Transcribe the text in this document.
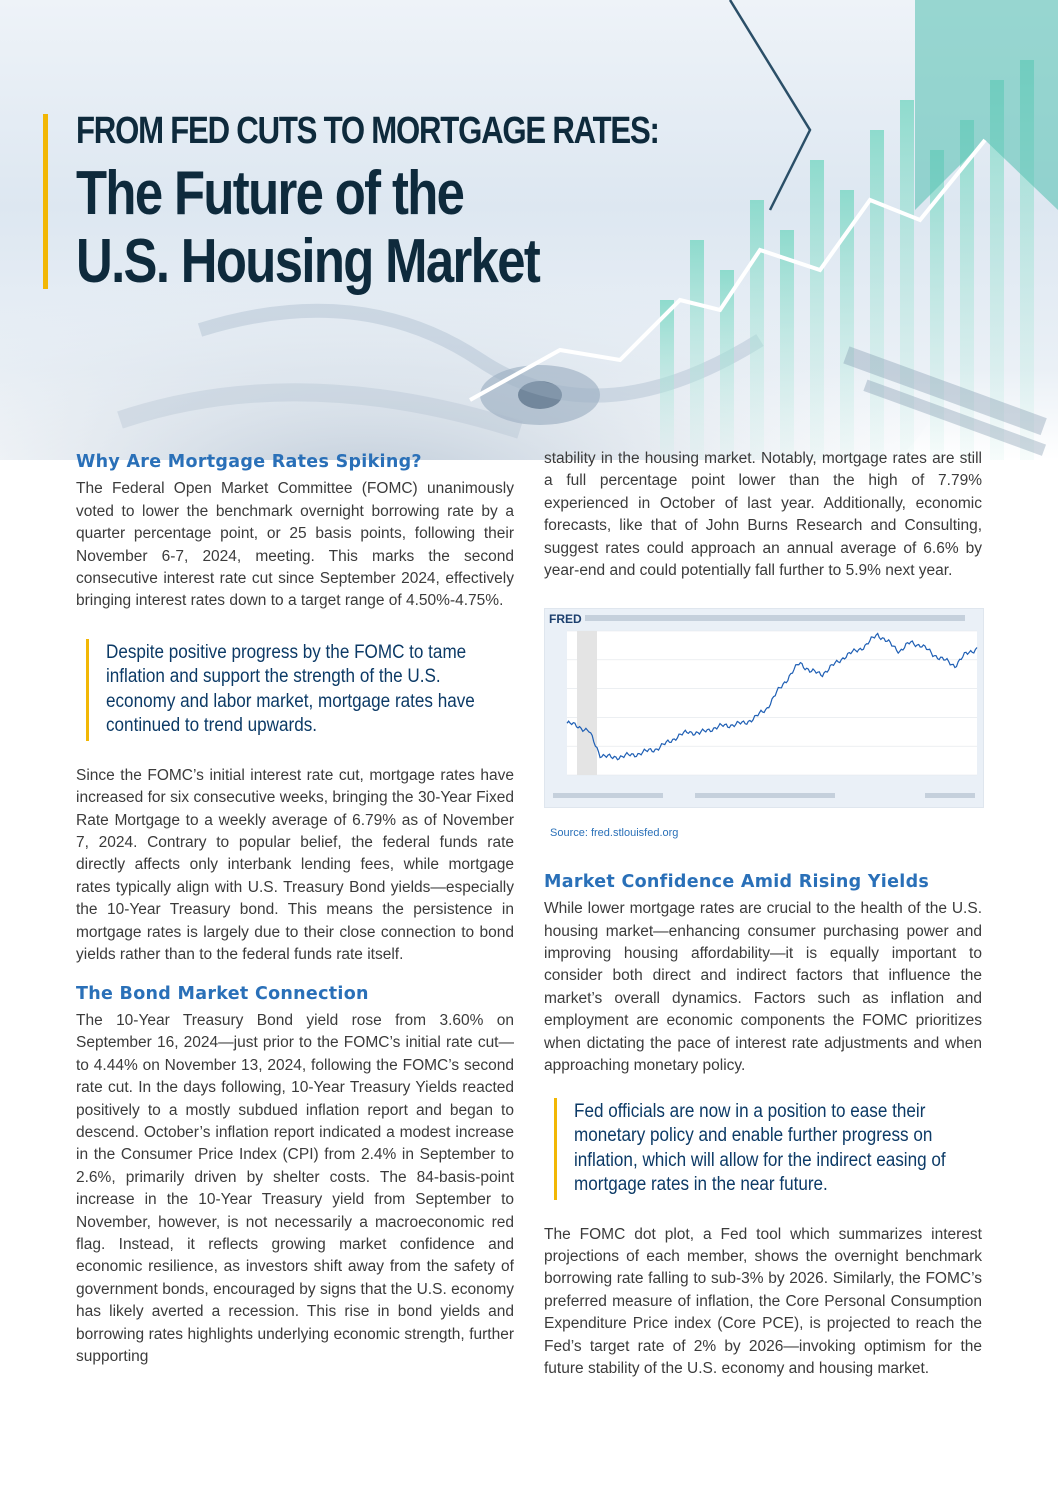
FROM FED CUTS TO MORTGAGE RATES:
The Future of the
U.S. Housing Market
Why Are Mortgage Rates Spiking?

The Federal Open Market Committee (FOMC) unanimously voted to lower the benchmark overnight borrowing rate by a quarter percentage point, or 25 basis points, following their November 6-7, 2024, meeting. This marks the second consecutive interest rate cut since September 2024, effectively bringing interest rates down to a target range of 4.50%-4.75%.

Despite positive progress by the FOMC to tame inflation and support the strength of the U.S. economy and labor market, mortgage rates have continued to trend upwards.

Since the FOMC’s initial interest rate cut, mortgage rates have increased for six consecutive weeks, bringing the 30-Year Fixed Rate Mortgage to a weekly average of 6.79% as of November 7, 2024. Contrary to popular belief, the federal funds rate directly affects only interbank lending fees, while mortgage rates typically align with U.S. Treasury Bond yields—especially the 10-Year Treasury bond. This means the persistence in mortgage rates is largely due to their close connection to bond yields rather than to the federal funds rate itself.

The Bond Market Connection

The 10-Year Treasury Bond yield rose from 3.60% on September 16, 2024—just prior to the FOMC’s initial rate cut—to 4.44% on November 13, 2024, following the FOMC’s second rate cut. In the days following, 10-Year Treasury Yields reacted positively to a mostly subdued inflation report and began to descend. October’s inflation report indicated a modest increase in the Consumer Price Index (CPI) from 2.4% in September to 2.6%, primarily driven by shelter costs. The 84-basis-point increase in the 10-Year Treasury yield from September to November, however, is not necessarily a macroeconomic red flag. Instead, it reflects growing market confidence and economic resilience, as investors shift away from the safety of government bonds, encouraged by signs that the U.S. economy has likely averted a recession. This rise in bond yields and borrowing rates highlights underlying economic strength, further supporting

stability in the housing market. Notably, mortgage rates are still a full percentage point lower than the high of 7.79% experienced in October of last year. Additionally, economic forecasts, like that of John Burns Research and Consulting, suggest rates could approach an annual average of 6.6% by year-end and could potentially fall further to 5.9% next year.

FRED
Source: fred.stlouisfed.org
Market Confidence Amid Rising Yields

While lower mortgage rates are crucial to the health of the U.S. housing market—enhancing consumer purchasing power and improving housing affordability—it is equally important to consider both direct and indirect factors that influence the market’s overall dynamics. Factors such as inflation and employment are economic components the FOMC prioritizes when dictating the pace of interest rate adjustments and when approaching monetary policy.

Fed officials are now in a position to ease their monetary policy and enable further progress on inflation, which will allow for the indirect easing of mortgage rates in the near future.

The FOMC dot plot, a Fed tool which summarizes interest projections of each member, shows the overnight benchmark borrowing rate falling to sub-3% by 2026. Similarly, the FOMC’s preferred measure of inflation, the Core Personal Consumption Expenditure Price index (Core PCE), is projected to reach the Fed’s target rate of 2% by 2026—invoking optimism for the future stability of the U.S. economy and housing market.
